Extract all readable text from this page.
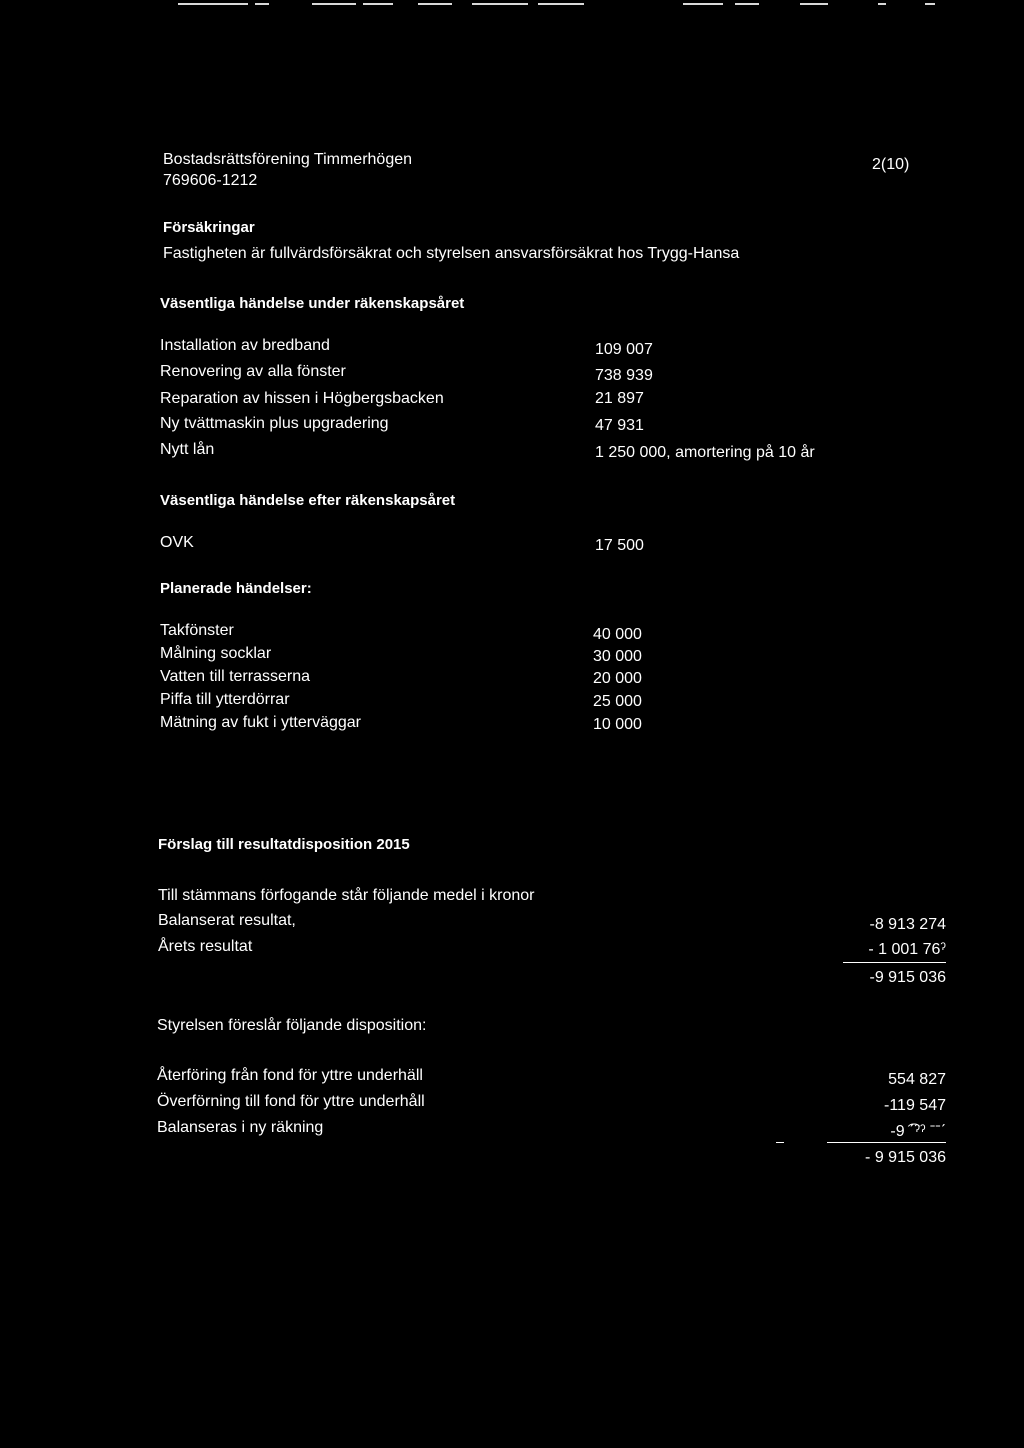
Bostadsrättsförening Timmerhögen
769606-1212
2(10)
Försäkringar
Fastigheten är fullvärdsförsäkrat och styrelsen ansvarsförsäkrat hos Trygg-Hansa
Väsentliga händelse under räkenskapsåret
Installation av bredband	109 007
Renovering av alla fönster	738 939
Reparation av hissen i Högbergsbacken	21 897
Ny tvättmaskin plus upgradering	47 931
Nytt lån	1 250 000, amortering på 10 år
Väsentliga händelse efter räkenskapsåret
OVK	17 500
Planerade händelser:
Takfönster	40 000
Målning socklar	30 000
Vatten till terrasserna	20 000
Piffa till ytterdörrar	25 000
Mätning av fukt i ytterväggar	10 000
Förslag till resultatdisposition 2015
Till stämmans förfogande står följande medel i kronor
Balanserat resultat,	-8 913 274
Årets resultat	- 1 001 76ˀ
-9 915 036
Styrelsen föreslår följande disposition:
Återföring från fond för yttre underhäll	554 827
Överförning till fond för yttre underhåll	-119 547
Balanseras i ny räkning	-9 ͡ˊˀˀ ˉˉˊ
- 9 915 036
